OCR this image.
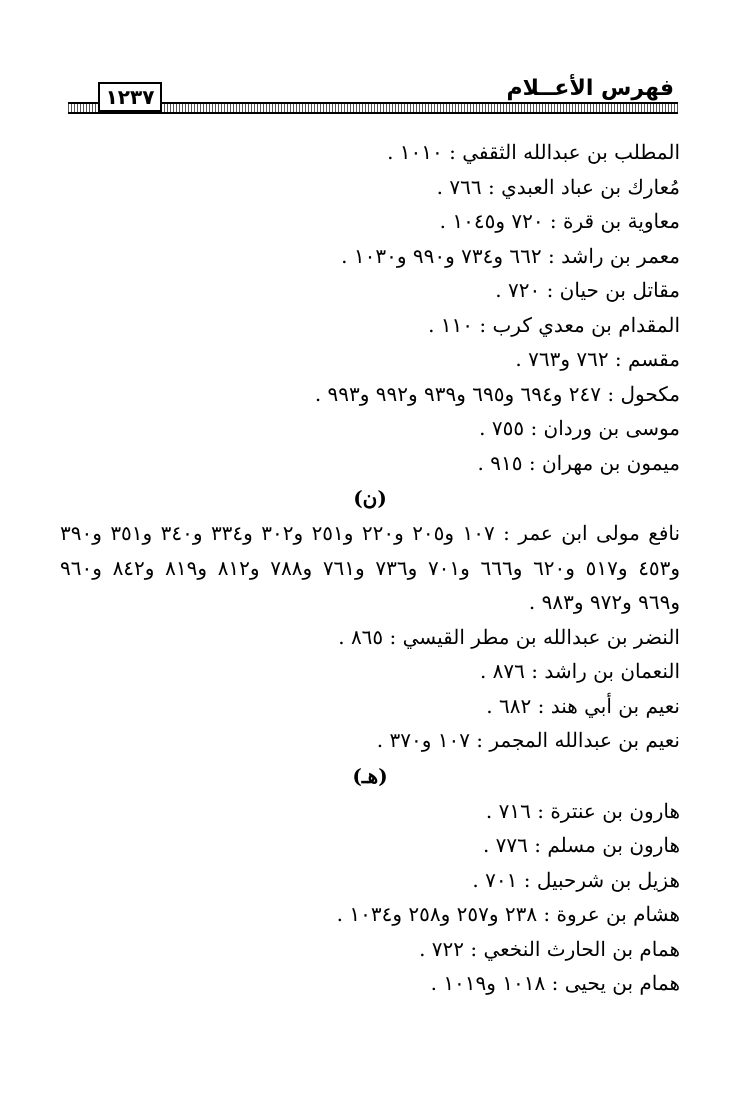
١٢٣٧	فهرس الأعــلام
المطلب بن عبدالله الثقفي : ١٠١٠ .
مُعارك بن عباد العبدي : ٧٦٦ .
معاوية بن قرة : ٧٢٠ و١٠٤٥ .
معمر بن راشد : ٦٦٢ و٧٣٤ و٩٩٠ و١٠٣٠ .
مقاتل بن حيان : ٧٢٠ .
المقدام بن معدي كرب : ١١٠ .
مقسم : ٧٦٢ و٧٦٣ .
مكحول : ٢٤٧ و٦٩٤ و٦٩٥ و٩٣٩ و٩٩٢ و٩٩٣ .
موسى بن وردان : ٧٥٥ .
ميمون بن مهران : ٩١٥ .
(ن)
نافع مولى ابن عمر : ١٠٧ و٢٠٥ و٢٢٠ و٢٥١ و٣٠٢ و٣٣٤ و٣٤٠ و٣٥١ و٣٩٠ و٤٥٣ و٥١٧ و٦٢٠ و٦٦٦ و٧٠١ و٧٣٦ و٧٦١ و٧٨٨ و٨١٢ و٨١٩ و٨٤٢ و٩٦٠ و٩٦٩ و٩٧٢ و٩٨٣ .
النضر بن عبدالله بن مطر القيسي : ٨٦٥ .
النعمان بن راشد : ٨٧٦ .
نعيم بن أبي هند : ٦٨٢ .
نعيم بن عبدالله المجمر : ١٠٧ و٣٧٠ .
(هـ)
هارون بن عنترة : ٧١٦ .
هارون بن مسلم : ٧٧٦ .
هزيل بن شرحبيل : ٧٠١ .
هشام بن عروة : ٢٣٨ و٢٥٧ و٢٥٨ و١٠٣٤ .
همام بن الحارث النخعي : ٧٢٢ .
همام بن يحيى : ١٠١٨ و١٠١٩ .
